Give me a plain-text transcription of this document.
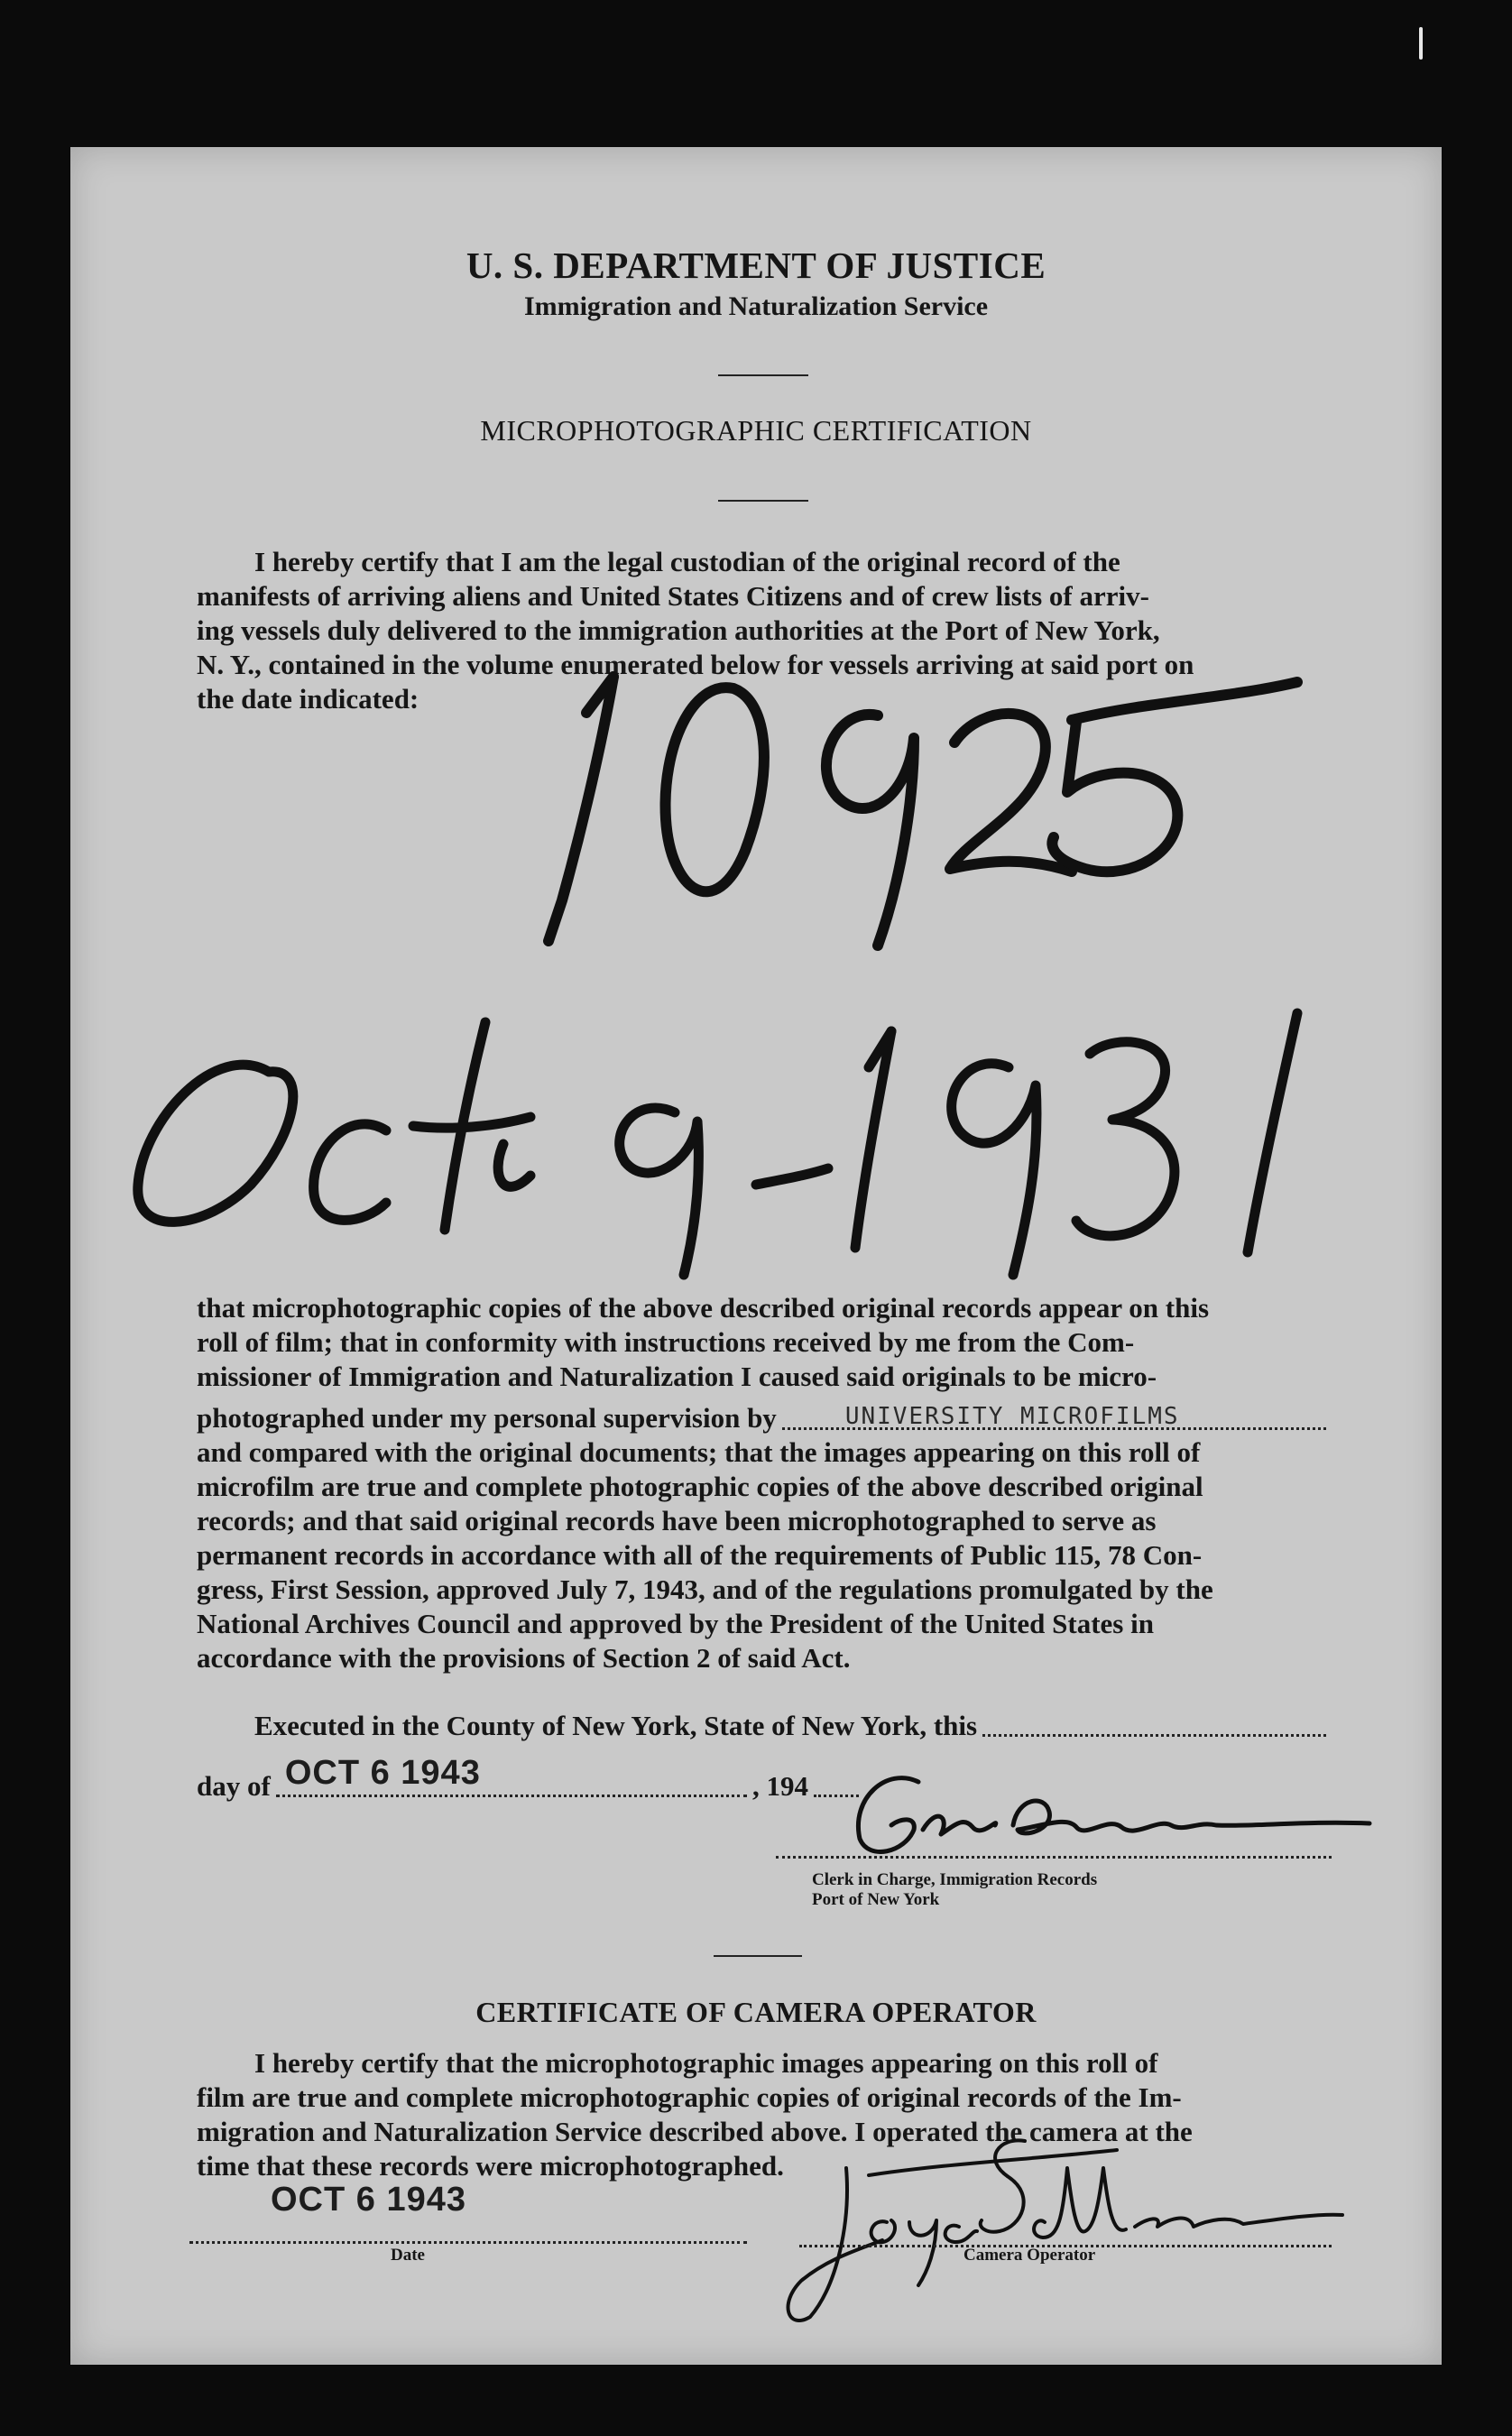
U. S. DEPARTMENT OF JUSTICE
Immigration and Naturalization Service
MICROPHOTOGRAPHIC CERTIFICATION
I hereby certify that I am the legal custodian of the original record of the
manifests of arriving aliens and United States Citizens and of crew lists of arriv-
ing vessels duly delivered to the immigration authorities at the Port of New York,
N. Y., contained in the volume enumerated below for vessels arriving at said port on
the date indicated:
that microphotographic copies of the above described original records appear on this
roll of film; that in conformity with instructions received by me from the Com-
missioner of Immigration and Naturalization I caused said originals to be micro-
photographed under my personal supervision by	UNIVERSITY MICROFILMS
and compared with the original documents; that the images appearing on this roll of
microfilm are true and complete photographic copies of the above described original
records; and that said original records have been microphotographed to serve as
permanent records in accordance with all of the requirements of Public 115, 78 Con-
gress, First Session, approved July 7, 1943, and of the regulations promulgated by the
National Archives Council and approved by the President of the United States in
accordance with the provisions of Section 2 of said Act.
Executed in the County of New York, State of New York, this
day of OCT 6 1943	, 194
Clerk in Charge, Immigration Records
Port of New York
CERTIFICATE OF CAMERA OPERATOR
I hereby certify that the microphotographic images appearing on this roll of
film are true and complete microphotographic copies of original records of the Im-
migration and Naturalization Service described above. I operated the camera at the
time that these records were microphotographed.
OCT 6 1943
Date	Camera Operator
